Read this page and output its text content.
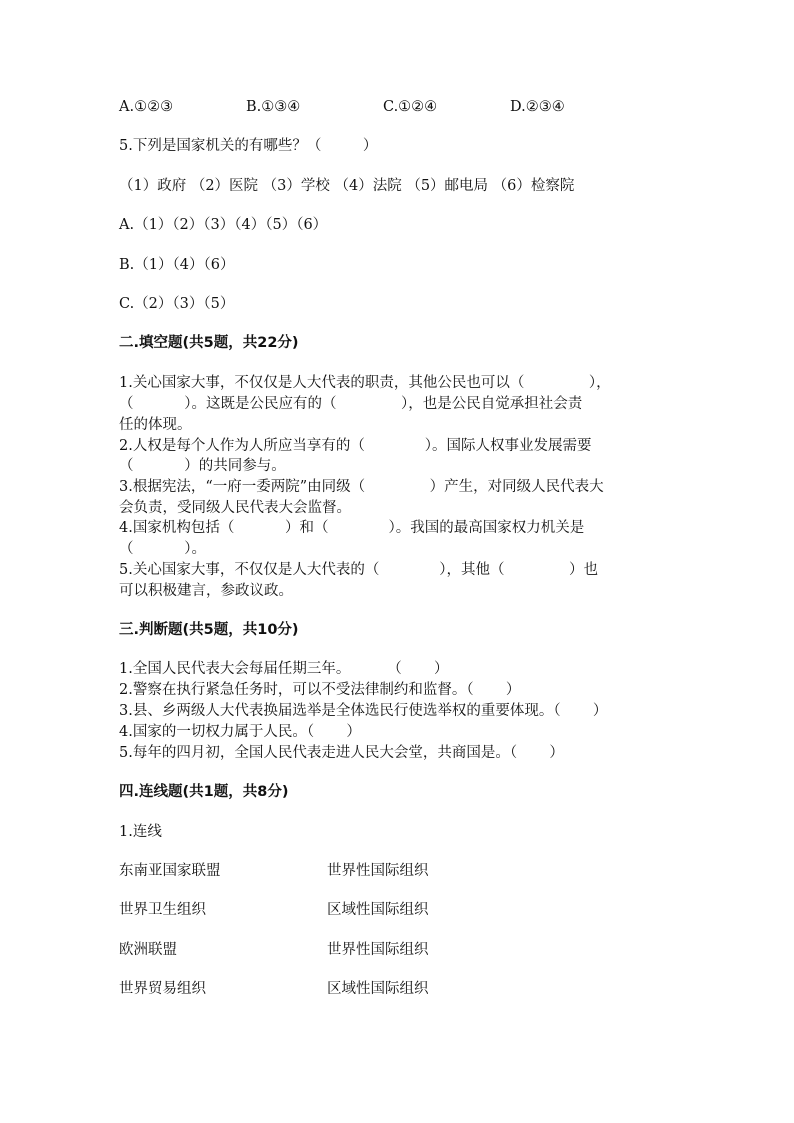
A.①②③	B.①③④	C.①②④	D.②③④
5.下列是国家机关的有哪些？（         ）
（1）政府 （2）医院 （3）学校 （4）法院 （5）邮电局 （6）检察院
A.（1）（2）（3）（4）（5）（6）
B.（1）（4）（6）
C.（2）（3）（5）
二.填空题(共5题，共22分)
1.关心国家大事，不仅仅是人大代表的职责，其他公民也可以（              ），
（           ）。这既是公民应有的（              ），也是公民自觉承担社会责
任的体现。
2.人权是每个人作为人所应当享有的（             ）。国际人权事业发展需要
（           ）的共同参与。
3.根据宪法，“一府一委两院”由同级（              ）产生，对同级人民代表大
会负责，受同级人民代表大会监督。
4.国家机构包括（           ）和（             ）。我国的最高国家权力机关是
（           ）。
5.关心国家大事，不仅仅是人大代表的（             ），其他（              ）也
可以积极建言，参政议政。
三.判断题(共5题，共10分)
1.全国人民代表大会每届任期三年。        （       ）
2.警察在执行紧急任务时，可以不受法律制约和监督。（       ）
3.县、乡两级人大代表换届选举是全体选民行使选举权的重要体现。（       ）
4.国家的一切权力属于人民。（       ）
5.每年的四月初，全国人民代表走进人民大会堂，共商国是。（       ）
四.连线题(共1题，共8分)
1.连线
东南亚国家联盟	世界性国际组织
世界卫生组织	区域性国际组织
欧洲联盟	世界性国际组织
世界贸易组织	区域性国际组织
